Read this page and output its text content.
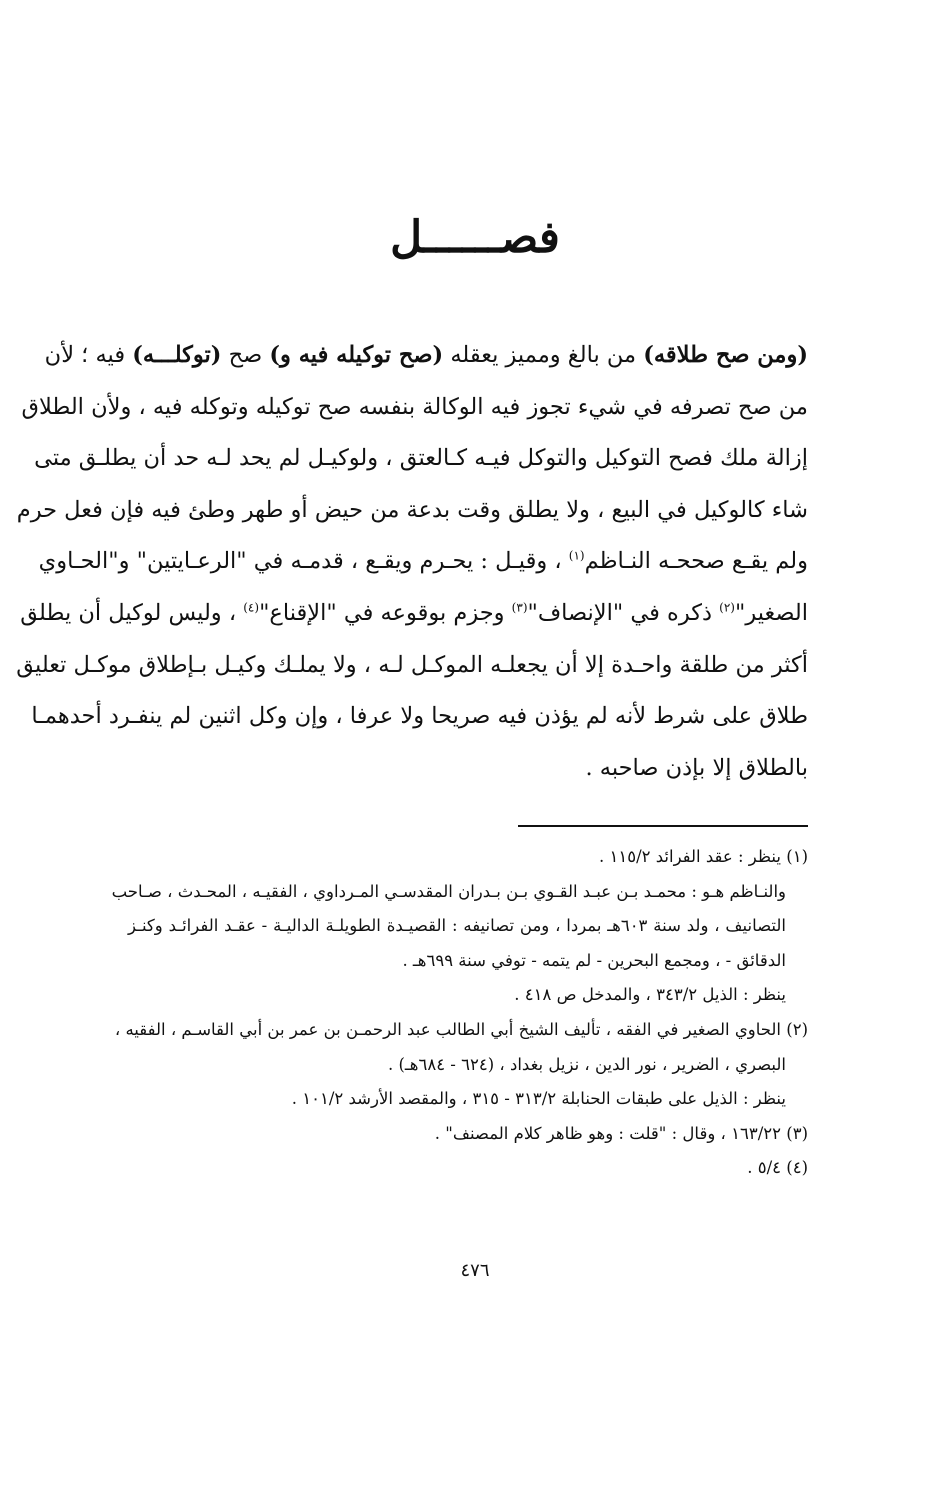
فصــــــل
(ومن صح طلاقه) من بالغ ومميز يعقله (صح توكيله فيه و) صح (توكلـــه) فيه ؛ لأن
من صح تصرفه في شيء تجوز فيه الوكالة بنفسه صح توكيله وتوكله فيه ، ولأن الطلاق
إزالة ملك فصح التوكيل والتوكل فيـه كـالعتق ، ولوكيـل لم يحد لـه حد أن يطلـق متى
شاء كالوكيل في البيع ، ولا يطلق وقت بدعة من حيض أو طهر وطئ فيه فإن فعل حرم
ولم يقـع صححـه النـاظم$^{(١)}$ ، وقيـل : يحـرم ويقـع ، قدمـه في "الرعـايتين" و"الحـاوي
الصغير"$^{(٢)}$ ذكره في "الإنصاف"$^{(٣)}$ وجزم بوقوعه في "الإقناع"$^{(٤)}$ ، وليس لوكيل أن يطلق
أكثر من طلقة واحـدة إلا أن يجعلـه الموكـل لـه ، ولا يملـك وكيـل بـإطلاق موكـل تعليق
طلاق على شرط لأنه لم يؤذن فيه صريحا ولا عرفا ، وإن وكل اثنين لم ينفـرد أحدهمـا
بالطلاق إلا بإذن صاحبه .
(١) ينظر : عقد الفرائد ١١٥/٢ .
والنـاظم هـو : محمـد بـن عبـد القـوي بـن بـدران المقدسـي المـرداوي ، الفقيـه ، المحـدث ، صـاحب
التصانيف ، ولد سنة ٦٠٣هـ بمردا ، ومن تصانيفه : القصيـدة الطويلـة الداليـة - عقـد الفرائـد وكنـز
الدقائق - ، ومجمع البحرين - لم يتمه - توفي سنة ٦٩٩هـ .
ينظر : الذيل ٣٤٣/٢ ، والمدخل ص ٤١٨ .
(٢) الحاوي الصغير في الفقه ، تأليف الشيخ أبي الطالب عبد الرحمـن بن عمر بن أبي القاسـم ، الفقيه ،
البصري ، الضرير ، نور الدين ، نزيل بغداد ، (٦٢٤ - ٦٨٤هـ) .
ينظر : الذيل على طبقات الحنابلة ٣١٣/٢ - ٣١٥ ، والمقصد الأرشد ١٠١/٢ .
(٣) ١٦٣/٢٢ ، وقال : "قلت : وهو ظاهر كلام المصنف" .
(٤) ٥/٤ .
٤٧٦
